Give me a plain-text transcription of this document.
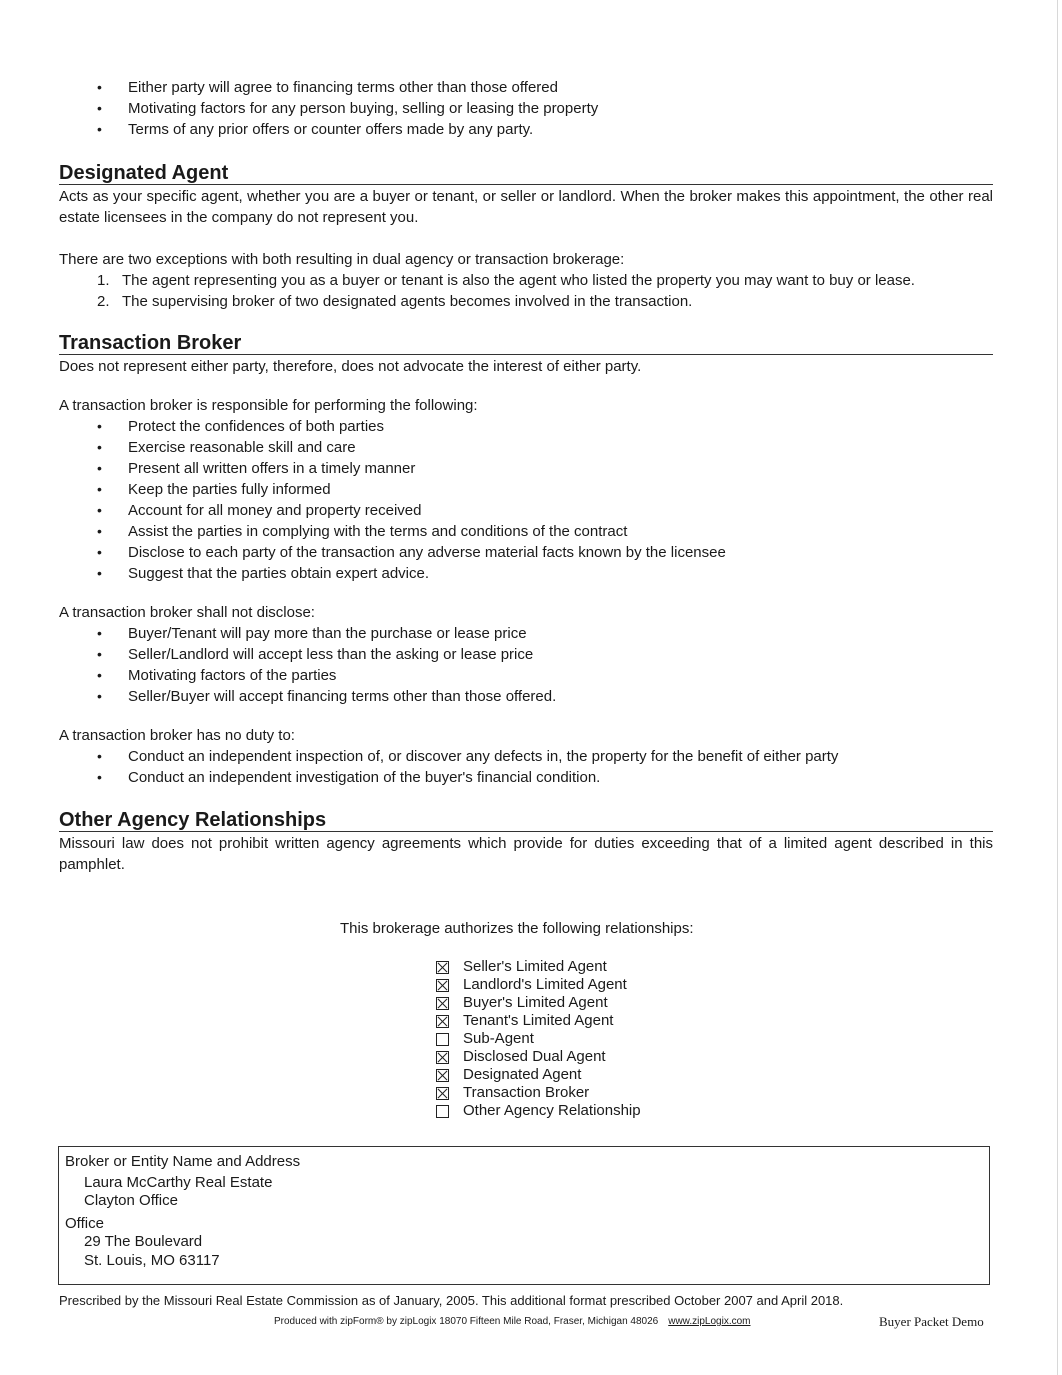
• Either party will agree to financing terms other than those offered
• Motivating factors for any person buying, selling or leasing the property
• Terms of any prior offers or counter offers made by any party.
Designated Agent

Acts as your specific agent, whether you are a buyer or tenant, or seller or landlord. When the broker makes this appointment, the other real estate licensees in the company do not represent you.

There are two exceptions with both resulting in dual agency or transaction brokerage:

1. The agent representing you as a buyer or tenant is also the agent who listed the property you may want to buy or lease.
2. The supervising broker of two designated agents becomes involved in the transaction.
Transaction Broker

Does not represent either party, therefore, does not advocate the interest of either party.

A transaction broker is responsible for performing the following:

• Protect the confidences of both parties
• Exercise reasonable skill and care
• Present all written offers in a timely manner
• Keep the parties fully informed
• Account for all money and property received
• Assist the parties in complying with the terms and conditions of the contract
• Disclose to each party of the transaction any adverse material facts known by the licensee
• Suggest that the parties obtain expert advice.

A transaction broker shall not disclose:

• Buyer/Tenant will pay more than the purchase or lease price
• Seller/Landlord will accept less than the asking or lease price
• Motivating factors of the parties
• Seller/Buyer will accept financing terms other than those offered.

A transaction broker has no duty to:

• Conduct an independent inspection of, or discover any defects in, the property for the benefit of either party
• Conduct an independent investigation of the buyer's financial condition.
Other Agency Relationships

Missouri law does not prohibit written agency agreements which provide for duties exceeding that of a limited agent described in this pamphlet.

This brokerage authorizes the following relationships:
Seller's Limited Agent
Landlord's Limited Agent
Buyer's Limited Agent
Tenant's Limited Agent
Sub-Agent
Disclosed Dual Agent
Designated Agent
Transaction Broker
Other Agency Relationship
Broker or Entity Name and Address
Laura McCarthy Real Estate
Clayton Office
Office
29 The Boulevard
St. Louis, MO 63117
Prescribed by the Missouri Real Estate Commission as of January, 2005. This additional format prescribed October 2007 and April 2018.
Produced with zipForm® by zipLogix 18070 Fifteen Mile Road, Fraser, Michigan 48026 www.zipLogix.com	Buyer Packet Demo
